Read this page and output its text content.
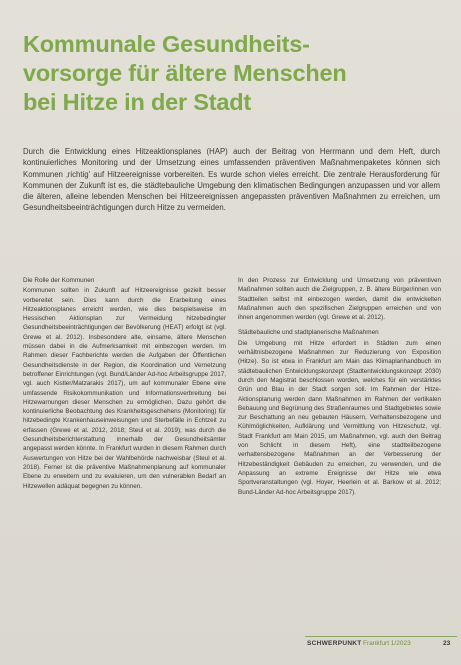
Kommunale Gesundheits-
vorsorge für ältere Menschen
bei Hitze in der Stadt

Durch die Entwicklung eines Hitzeaktionsplanes (HAP) auch der Beitrag von Herrmann und dem Heft, durch kontinuierliches Monitoring und der Umsetzung eines umfassenden präventiven Maßnahmenpaketes können sich Kommunen ‚richtig' auf Hitzeereignisse vorbereiten. Es wurde schon vieles erreicht. Die zentrale Herausforderung für Kommunen der Zukunft ist es, die städtebauliche Umgebung den klimatischen Bedingungen anzupassen und vor allem die älteren, alleine lebenden Menschen bei Hitzeereignissen angepassten präventiven Maßnahmen zu erreichen, um Gesundheitsbeeinträchtigungen durch Hitze zu vermeiden.

Die Rolle der Kommunen

Kommunen sollten in Zukunft auf Hitzeereignisse gezielt besser vorbereitet sein. Dies kann durch die Erarbeitung eines Hitzeaktionsplanes erreicht werden, wie dies beispielsweise im Hessischen Aktionsplan zur Vermeidung hitzebedingter Gesundheitsbeeinträchtigungen der Bevölkerung (HEAT) erfolgt ist (vgl. Grewe et al. 2012). Insbesondere alte, einsame, ältere Menschen müssen dabei in die Aufmerksamkeit mit einbezogen werden. Im Rahmen dieser Fachberichte werden die Aufgaben der Öffentlichen Gesundheitsdienste in der Region, die Koordination und Vernetzung betroffener Einrichtungen (vgl. Bund/Länder Ad-hoc Arbeitsgruppe 2017, vgl. auch Kistler/Matzarakis 2017), um auf kommunaler Ebene eine umfassende Risikokommunikation und Informationsverbreitung bei Hitzewarnungen dieser Menschen zu ermöglichen. Dazu gehört die kontinuierliche Beobachtung des Krankheitsgeschehens (Monitoring) für hitzebedingte Krankenhauseinweisungen und Sterbefälle in Echtzeit zu erfassen (Grewe et al. 2012, 2018; Steul et al. 2019), was durch die Gesundheitsberichterstattung innerhalb der Gesundheitsämter angepasst werden könnte. In Frankfurt wurden in diesem Rahmen durch Auswertungen von Hitze bei der Wahlbehörde nachweisbar (Steul et al. 2018). Ferner ist die präventive Maßnahmenplanung auf kommunaler Ebene zu erweitern und zu evaluieren, um den vulnerablen Bedarf an Hitzewellen adäquat begegnen zu können.

In den Prozess zur Entwicklung und Umsetzung von präventiven Maßnahmen sollten auch die Zielgruppen, z. B. ältere Bürger/innen von Stadtteilen selbst mit einbezogen werden, damit die entwickelten Maßnahmen auch den spezifischen Zielgruppen erreichen und von ihnen angenommen werden (vgl. Grewe et al. 2012).

Städtebauliche und stadtplanerische Maßnahmen

Die Umgebung mit Hitze erfordert in Städten zum einen verhältnisbezogene Maßnahmen zur Reduzierung von Exposition (Hitze). So ist etwa in Frankfurt am Main das Klimaplanhandbuch im städtebaulichen Entwicklungskonzept (Stadtentwicklungskonzept 2030) durch den Magistrat beschlossen worden, welches für ein verstärktes Grün und Blau in der Stadt sorgen soll. Im Rahmen der Hitze-Aktionsplanung werden dann Maßnahmen im Rahmen der vertikalen Bebauung und Begrünung des Straßenraumes und Stadtgebietes sowie zur Beschattung an neu gebauten Häusern, Verhaltensbezogene und Kühlmöglichkeiten, Aufklärung und Vermittlung von Hitzeschutz, vgl. Stadt Frankfurt am Main 2015, um Maßnahmen, vgl. auch den Beitrag von Schlicht in diesem Heft), eine stadtteilbezogene verhaltensbezogene Maßnahmen an der Verbesserung der Hitzebeständigkeit Gebäuden zu erreichen, zu verwenden, und die Anpassung an extreme Ereignisse der Hitze wie etwa Sportveranstaltungen (vgl. Hoyer, Heerlein et al. Barkow et al. 2012; Bund-Länder Ad-hoc Arbeitsgruppe 2017).

SCHWERPUNKT Frankfurt 1/2023	23
